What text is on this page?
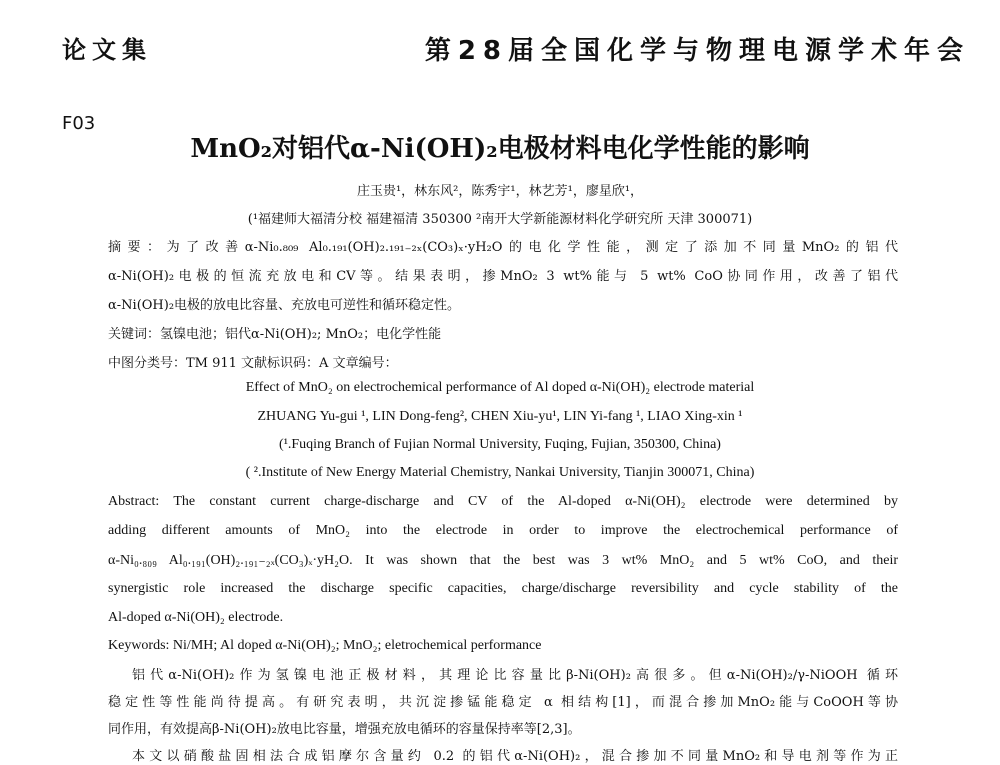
论文集	第28届全国化学与物理电源学术年会
F03
MnO₂对铝代α-Ni(OH)₂电极材料电化学性能的影响
庄玉贵¹，林东风²，陈秀宇¹，林艺芳¹，廖星欣¹，
(¹福建师大福清分校 福建福清 350300 ²南开大学新能源材料化学研究所 天津 300071)
摘要：为了改善α-Ni₀.₈₀₉ Al₀.₁₉₁(OH)₂.₁₉₁₋₂ₓ(CO₃)ₓ·yH₂O的电化学性能，测定了添加不同量MnO₂的铝代
α-Ni(OH)₂电极的恒流充放电和CV等。结果表明，掺MnO₂ 3 wt%能与 5 wt% CoO协同作用，改善了铝代
α-Ni(OH)₂电极的放电比容量、充放电可逆性和循环稳定性。
关键词：氢镍电池；铝代α-Ni(OH)₂; MnO₂；电化学性能
中图分类号：TM 911 文献标识码：A 文章编号：
Effect of MnO₂ on electrochemical performance of Al doped α-Ni(OH)₂ electrode material
ZHUANG Yu-gui ¹, LIN Dong-feng², CHEN Xiu-yu¹, LIN Yi-fang ¹, LIAO Xing-xin ¹
(¹.Fuqing Branch of Fujian Normal University, Fuqing, Fujian, 350300, China)
( ².Institute of New Energy Material Chemistry, Nankai University, Tianjin 300071, China)
Abstract: The constant current charge-discharge and CV of the Al-doped α-Ni(OH)₂ electrode were determined by
adding different amounts of MnO₂ into the electrode in order to improve the electrochemical performance of
α-Ni₀.₈₀₉ Al₀.₁₉₁(OH)₂.₁₉₁₋₂ₓ(CO₃)ₓ·yH₂O. It was shown that the best was 3 wt% MnO₂ and 5 wt% CoO, and their
synergistic role increased the discharge specific capacities, charge/discharge reversibility and cycle stability of the
Al-doped α-Ni(OH)₂ electrode.
Keywords: Ni/MH; Al doped α-Ni(OH)₂; MnO₂; eletrochemical performance
铝代α-Ni(OH)₂作为氢镍电池正极材料，其理论比容量比β-Ni(OH)₂高很多。但α-Ni(OH)₂/γ-NiOOH 循环
稳定性等性能尚待提高。有研究表明，共沉淀掺锰能稳定 α 相结构[1]，而混合掺加MnO₂能与CoOOH等协
同作用，有效提高β-Ni(OH)₂放电比容量，增强充放电循环的容量保持率等[2,3]。
本文以硝酸盐固相法合成铝摩尔含量约 0.2 的铝代α-Ni(OH)₂，混合掺加不同量MnO₂和导电剂等作为正
